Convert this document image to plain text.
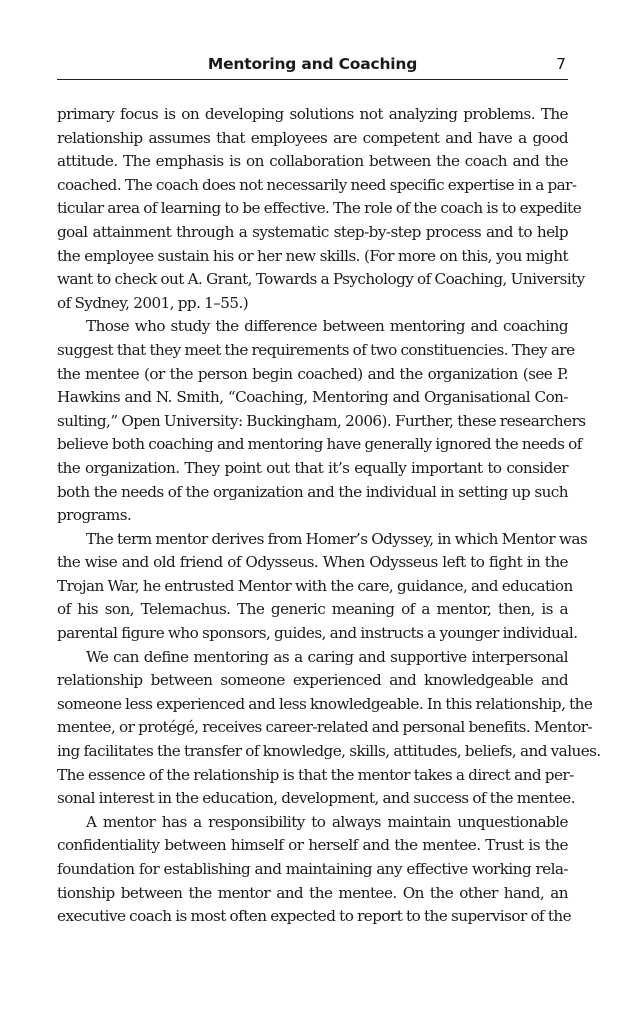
Mentoring and Coaching	7
primary focus is on developing solutions not analyzing problems. The
relationship assumes that employees are competent and have a good
attitude. The emphasis is on collaboration between the coach and the
coached. The coach does not necessarily need specific expertise in a par-
ticular area of learning to be effective. The role of the coach is to expedite
goal attainment through a systematic step-by-step process and to help
the employee sustain his or her new skills. (For more on this, you might
want to check out A. Grant, Towards a Psychology of Coaching, University
of Sydney, 2001, pp. 1–55.)
Those who study the difference between mentoring and coaching
suggest that they meet the requirements of two constituencies. They are
the mentee (or the person begin coached) and the organization (see P.
Hawkins and N. Smith, “Coaching, Mentoring and Organisational Con-
sulting,” Open University: Buckingham, 2006). Further, these researchers
believe both coaching and mentoring have generally ignored the needs of
the organization. They point out that it’s equally important to consider
both the needs of the organization and the individual in setting up such
programs.
The term mentor derives from Homer’s Odyssey, in which Mentor was
the wise and old friend of Odysseus. When Odysseus left to fight in the
Trojan War, he entrusted Mentor with the care, guidance, and education
of his son, Telemachus. The generic meaning of a mentor, then, is a
parental figure who sponsors, guides, and instructs a younger individual.
We can define mentoring as a caring and supportive interpersonal
relationship between someone experienced and knowledgeable and
someone less experienced and less knowledgeable. In this relationship, the
mentee, or protégé, receives career-related and personal benefits. Mentor-
ing facilitates the transfer of knowledge, skills, attitudes, beliefs, and values.
The essence of the relationship is that the mentor takes a direct and per-
sonal interest in the education, development, and success of the mentee.
A mentor has a responsibility to always maintain unquestionable
confidentiality between himself or herself and the mentee. Trust is the
foundation for establishing and maintaining any effective working rela-
tionship between the mentor and the mentee. On the other hand, an
executive coach is most often expected to report to the supervisor of the
